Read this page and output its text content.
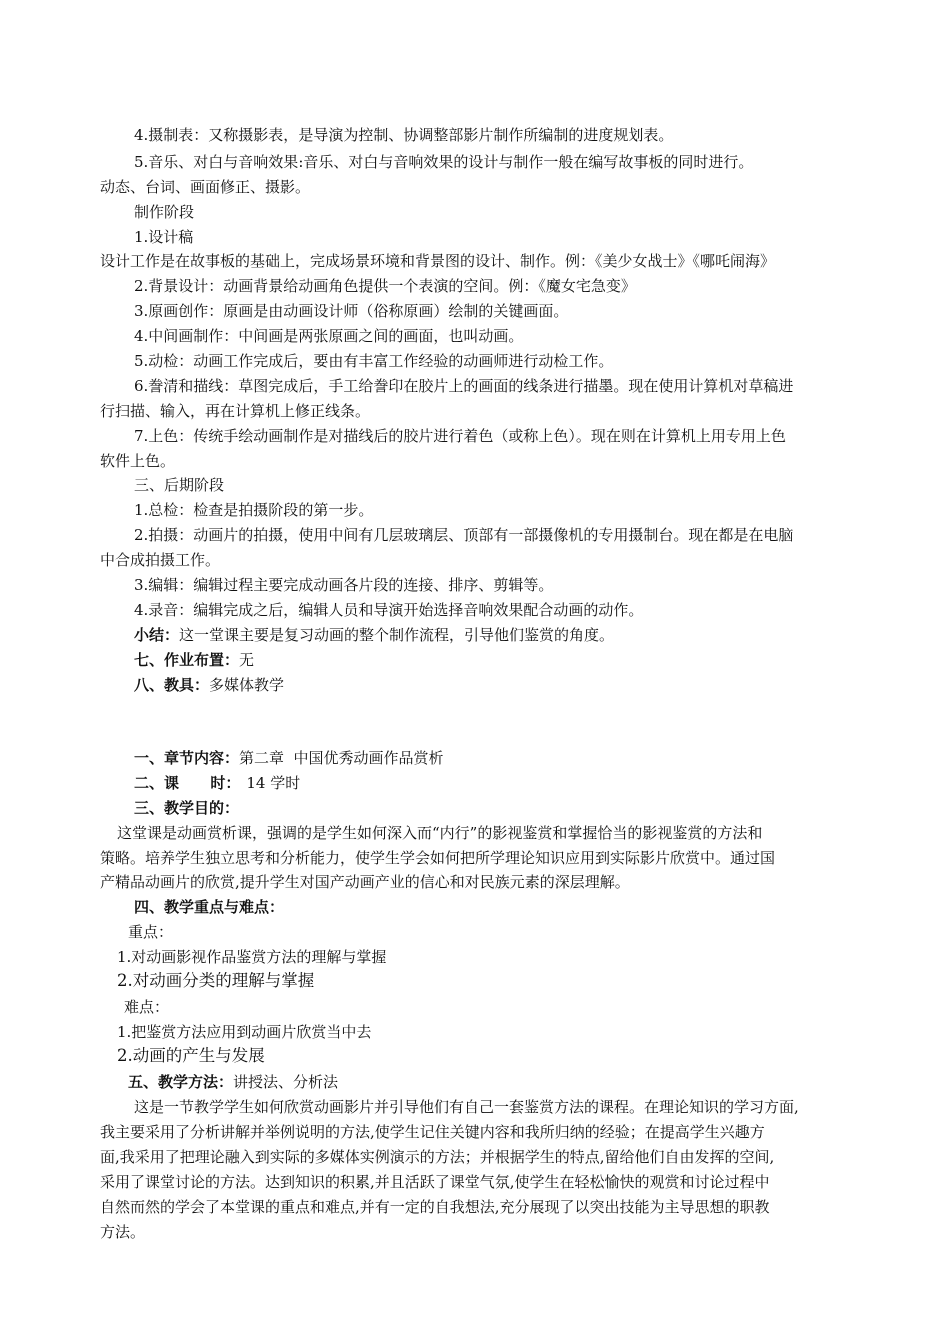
4.摄制表：又称摄影表，是导演为控制、协调整部影片制作所编制的进度规划表。
5.音乐、对白与音响效果:音乐、对白与音响效果的设计与制作一般在编写故事板的同时进行。
动态、台词、画面修正、摄影。
制作阶段
1.设计稿
设计工作是在故事板的基础上，完成场景环境和背景图的设计、制作。例：《美少女战士》《哪吒闹海》
2.背景设计：动画背景给动画角色提供一个表演的空间。例：《魔女宅急变》
3.原画创作：原画是由动画设计师（俗称原画）绘制的关键画面。
4.中间画制作：中间画是两张原画之间的画面，也叫动画。
5.动检：动画工作完成后，要由有丰富工作经验的动画师进行动检工作。
6.誊清和描线：草图完成后，手工给誊印在胶片上的画面的线条进行描墨。现在使用计算机对草稿进
行扫描、输入，再在计算机上修正线条。
7.上色：传统手绘动画制作是对描线后的胶片进行着色（或称上色）。现在则在计算机上用专用上色
软件上色。
三、后期阶段
1.总检：检查是拍摄阶段的第一步。
2.拍摄：动画片的拍摄，使用中间有几层玻璃层、顶部有一部摄像机的专用摄制台。现在都是在电脑
中合成拍摄工作。
3.编辑：编辑过程主要完成动画各片段的连接、排序、剪辑等。
4.录音：编辑完成之后，编辑人员和导演开始选择音响效果配合动画的动作。
小结：这一堂课主要是复习动画的整个制作流程，引导他们鉴赏的角度。
七、作业布置：无
八、教具：多媒体教学
一、章节内容：第二章  中国优秀动画作品赏析
二、课      时： 14 学时
三、教学目的：
这堂课是动画赏析课，强调的是学生如何深入而“内行”的影视鉴赏和掌握恰当的影视鉴赏的方法和
策略。培养学生独立思考和分析能力，使学生学会如何把所学理论知识应用到实际影片欣赏中。通过国
产精品动画片的欣赏,提升学生对国产动画产业的信心和对民族元素的深层理解。
四、教学重点与难点：
重点：
1.对动画影视作品鉴赏方法的理解与掌握
2.对动画分类的理解与掌握
难点：
1.把鉴赏方法应用到动画片欣赏当中去
2.动画的产生与发展
五、教学方法：讲授法、分析法
这是一节教学学生如何欣赏动画影片并引导他们有自己一套鉴赏方法的课程。在理论知识的学习方面,
我主要采用了分析讲解并举例说明的方法,使学生记住关键内容和我所归纳的经验；在提高学生兴趣方
面,我采用了把理论融入到实际的多媒体实例演示的方法；并根据学生的特点,留给他们自由发挥的空间,
采用了课堂讨论的方法。达到知识的积累,并且活跃了课堂气氛,使学生在轻松愉快的观赏和讨论过程中
自然而然的学会了本堂课的重点和难点,并有一定的自我想法,充分展现了以突出技能为主导思想的职教
方法。
